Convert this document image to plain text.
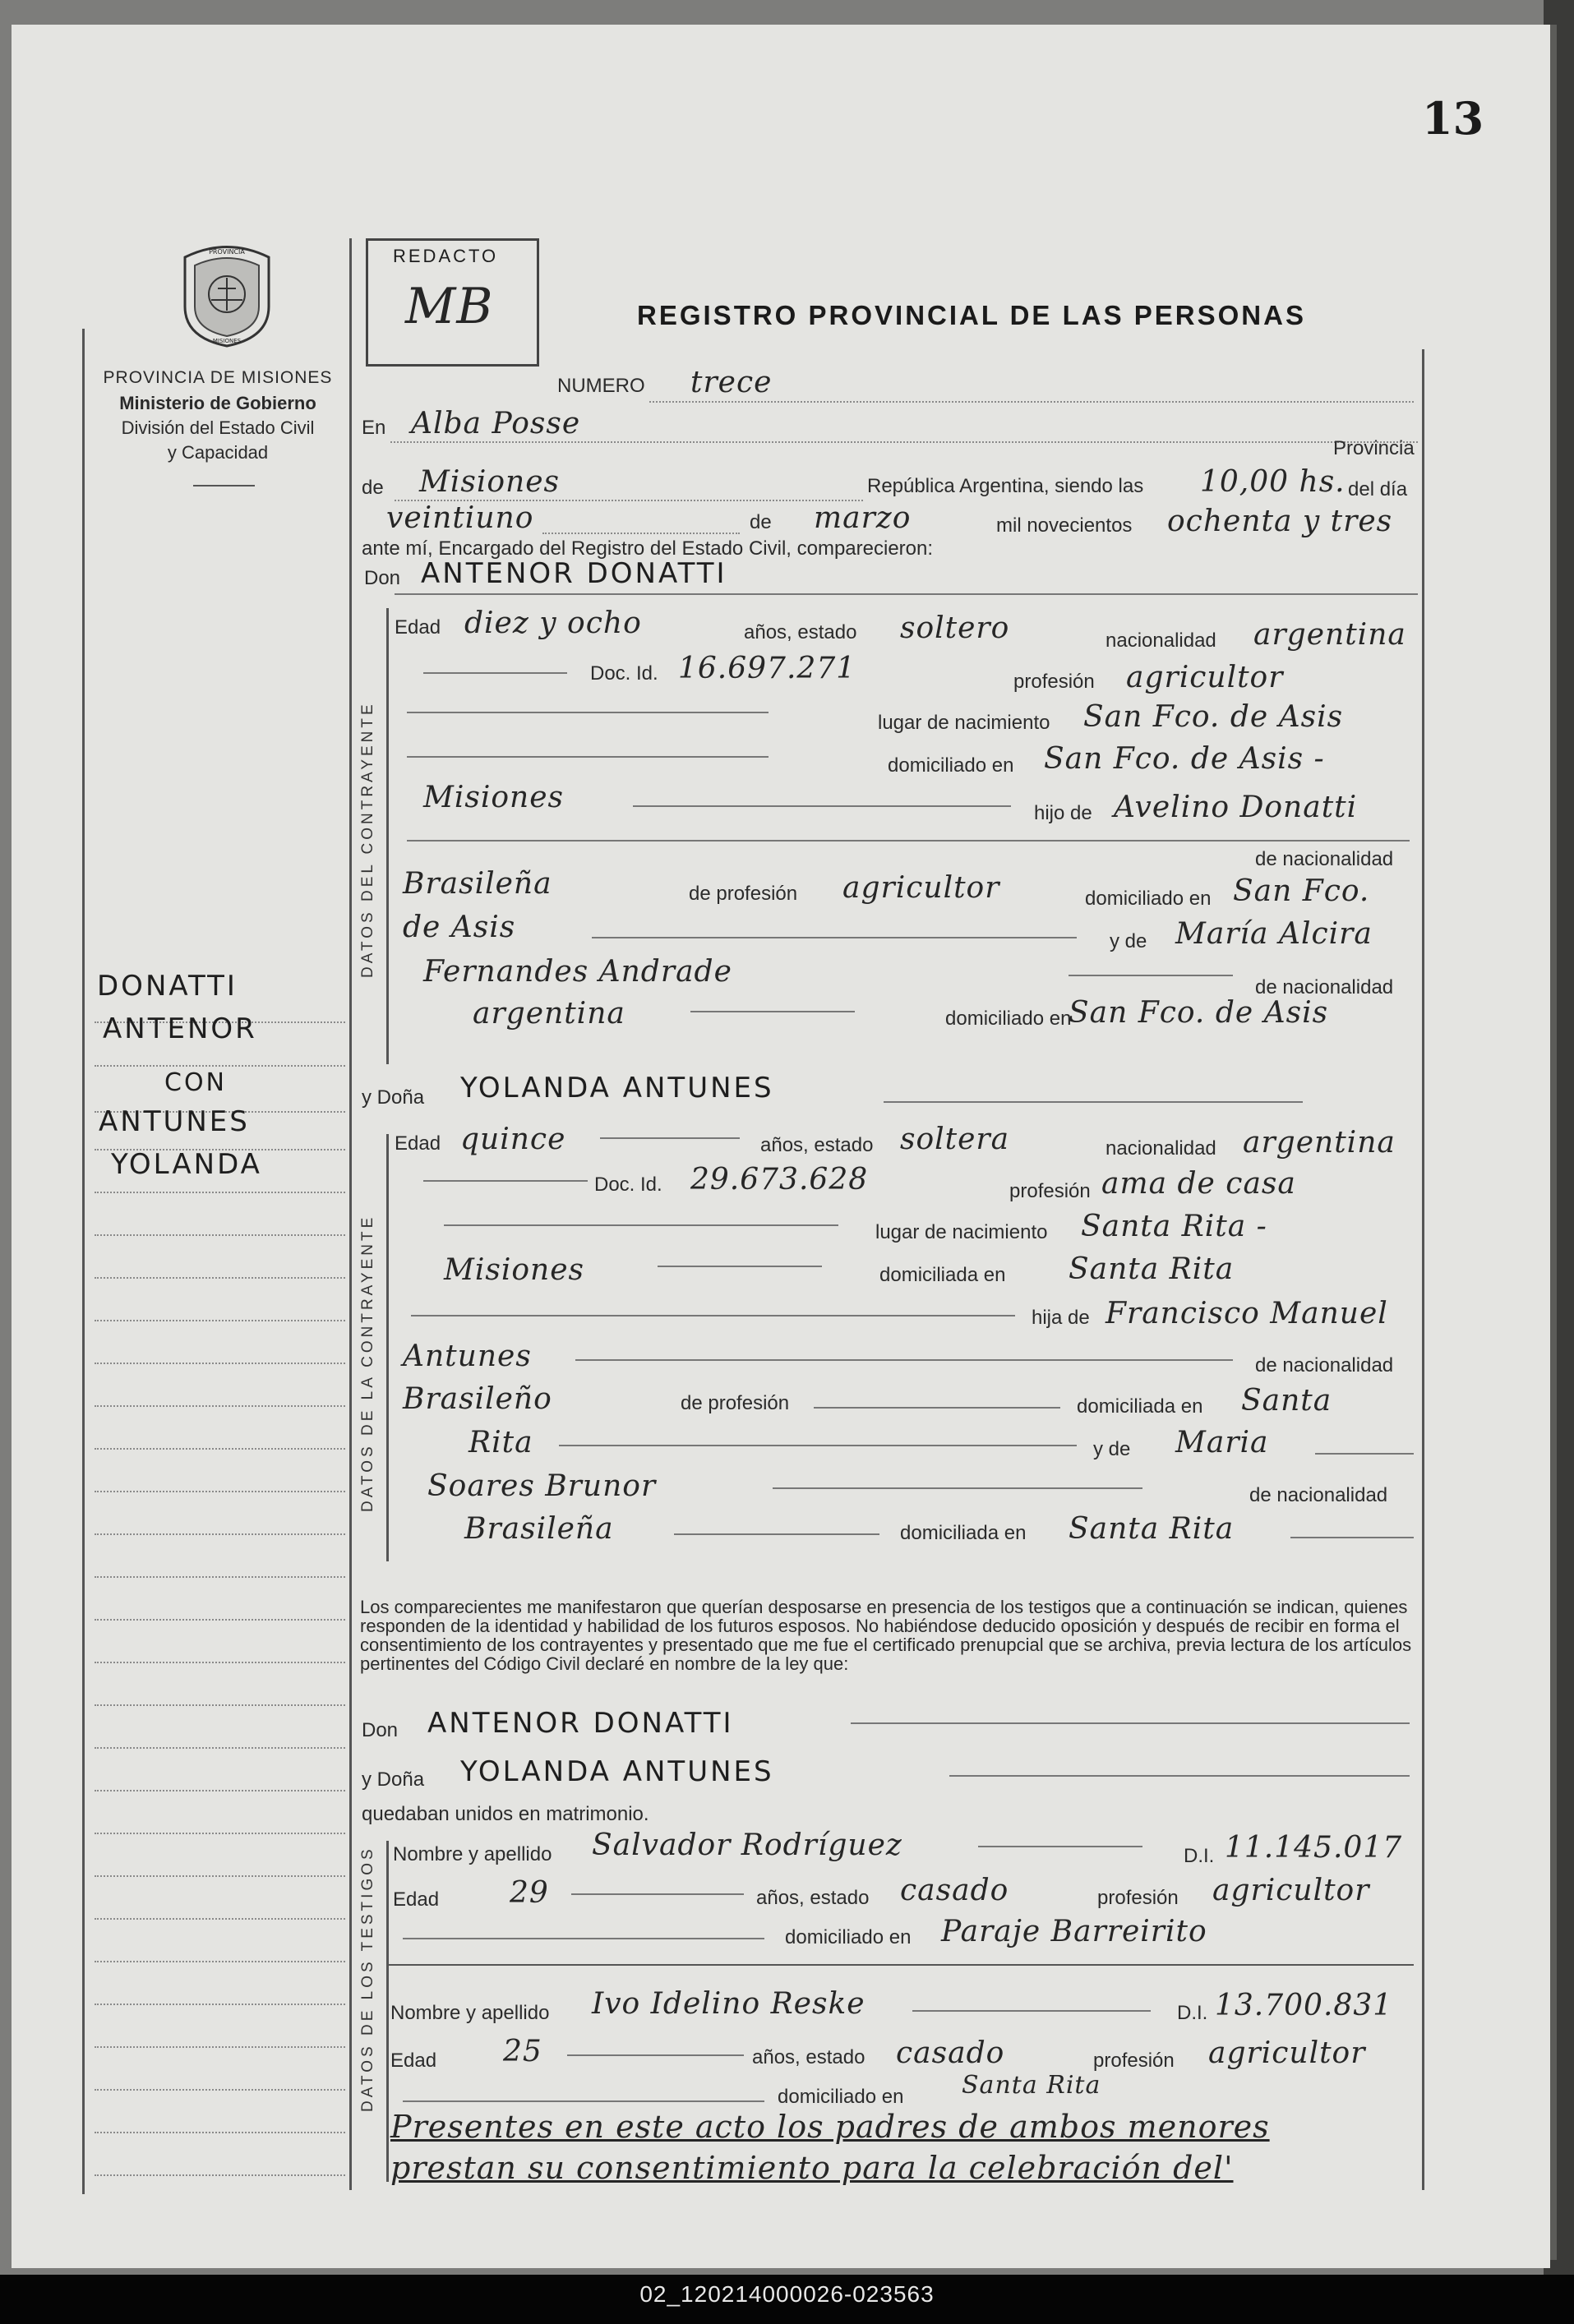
13
PROVINCIA
MISIONES
PROVINCIA DE MISIONES
Ministerio de Gobierno
División del Estado Civil
y Capacidad
REDACTO
MB	REGISTRO PROVINCIAL DE LAS PERSONAS
DONATTI
ANTENOR
CON
ANTUNES
YOLANDA
NUMERO trece
En Alba Posse
Provincia
de Misiones	República Argentina, siendo las 10,00 hs. del día
veintiuno	de marzo	mil novecientos ochenta y tres
ante mí, Encargado del Registro del Estado Civil, comparecieron:
Don ANTENOR DONATTI
DATOS DEL CONTRAYENTE
Edad diez y ocho	años, estado soltero	nacionalidad argentina
Doc. Id. 16.697.271	profesión agricultor
lugar de nacimiento San Fco. de Asis
domiciliado en San Fco. de Asis -
Misiones	hijo de Avelino Donatti
de nacionalidad
Brasileña	de profesión agricultor	domiciliado en San Fco.
de Asis	y de María Alcira
Fernandes Andrade	de nacionalidad
argentina	domiciliado en
San Fco. de Asis
y Doña YOLANDA ANTUNES
DATOS DE LA CONTRAYENTE
Edad quince	años, estado soltera	nacionalidad argentina
Doc. Id. 29.673.628	profesión ama de casa
lugar de nacimiento Santa Rita -
Misiones	domiciliada en Santa Rita
hija de Francisco Manuel
Antunes	de nacionalidad
Brasileño	de profesión	domiciliada en Santa
Rita	y de Maria
Soares Brunor	de nacionalidad
Brasileña	domiciliada en Santa Rita
Los comparecientes me manifestaron que querían desposarse en presencia de los testigos que a continuación se indican, quienes responden de la identidad y habilidad de los futuros esposos. No habiéndose deducido oposición y después de recibir en forma el consentimiento de los contrayentes y presentado que me fue el certificado prenupcial que se archiva, previa lectura de los artículos pertinentes del Código Civil declaré en nombre de la ley que:
Don ANTENOR DONATTI
y Doña YOLANDA ANTUNES
quedaban unidos en matrimonio.
DATOS DE LOS TESTIGOS Nombre y apellido Salvador Rodríguez	D.I. 11.145.017
Edad 29	años, estado casado	profesión agricultor
domiciliado en Paraje Barreirito
Nombre y apellido Ivo Idelino Reske	D.I. 13.700.831
Edad 25	años, estado casado	profesión agricultor
domiciliado en Santa Rita
Presentes en este acto los padres de ambos menores
prestan su consentimiento para la celebración del'
02_120214000026-023563
